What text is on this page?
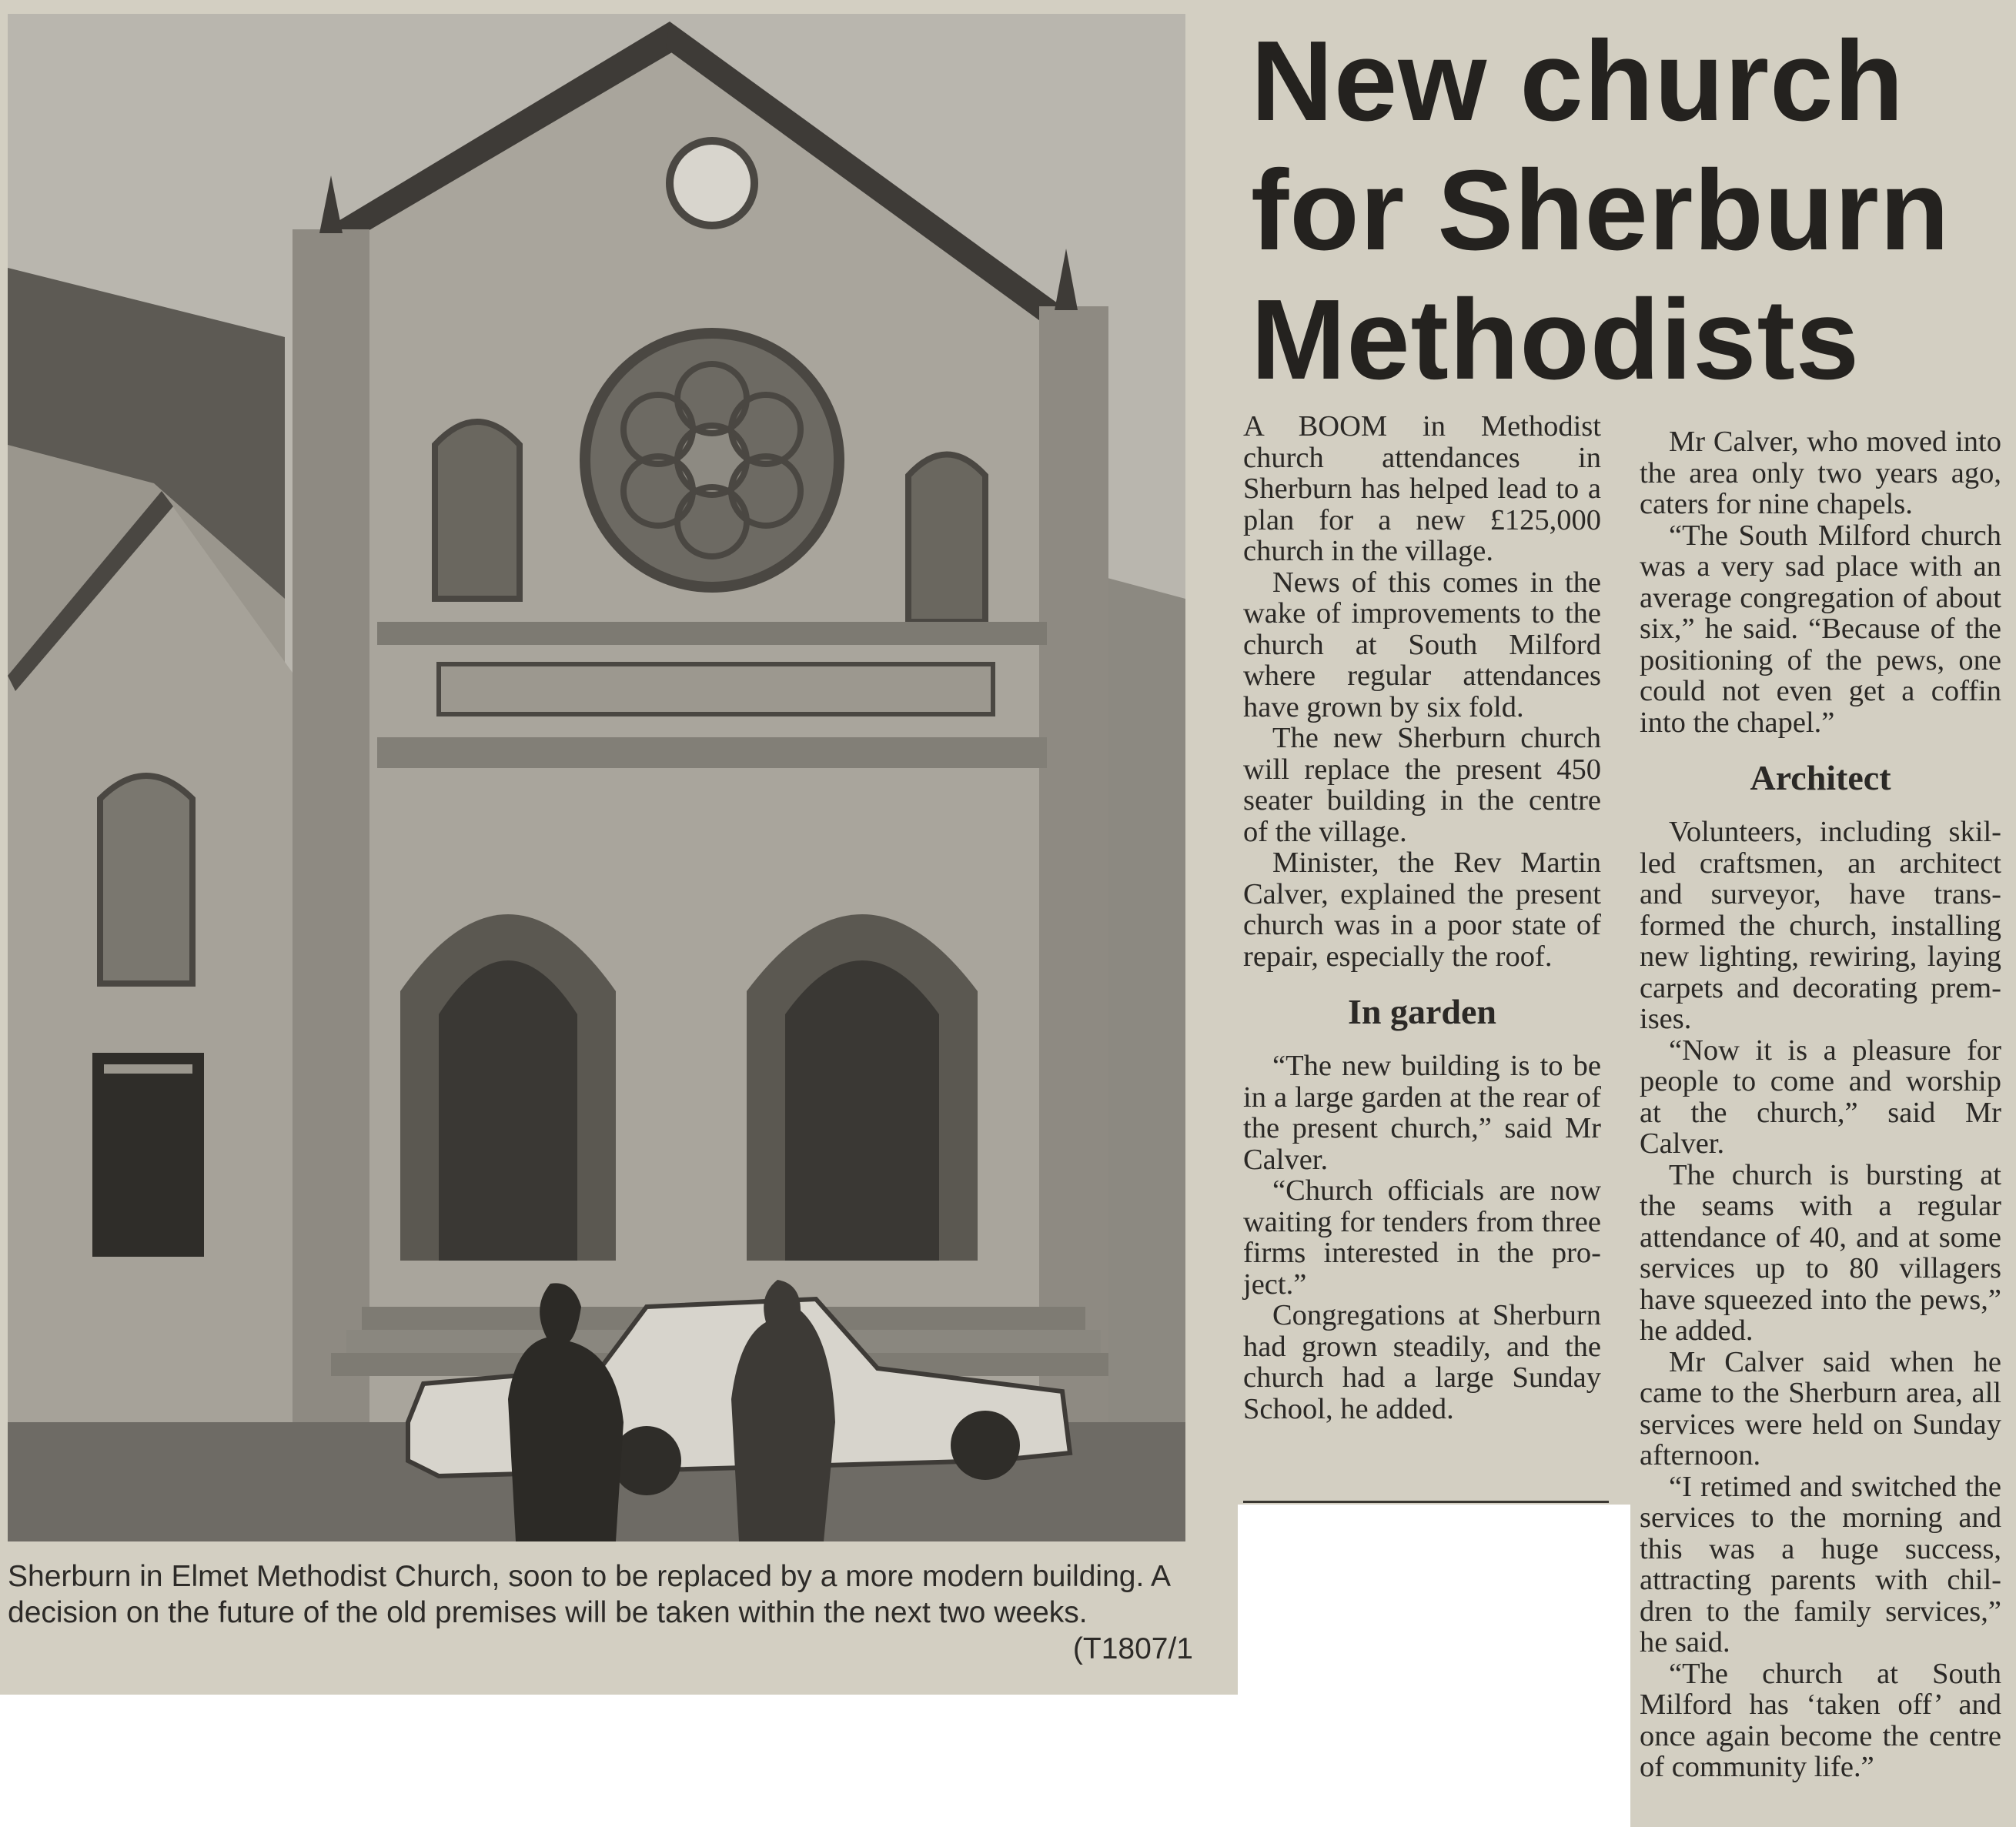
Sherburn in Elmet Methodist Church, soon to be replaced by a more modern building. A decision on the future of the old premises will be taken within the next two weeks.
(T1807/1
New church
for Sherburn
Methodists

A BOOM in Methodist church attendances in Sherburn has helped lead to a plan for a new £125,000 church in the village.

News of this comes in the wake of improvements to the church at South Milford where regular attendances have grown by six fold.

The new Sherburn church will replace the present 450 seater building in the centre of the village.

Minister, the Rev Martin Calver, explained the present church was in a poor state of repair, especially the roof.

In garden

“The new building is to be in a large garden at the rear of the present church,” said Mr Calver.

“Church officials are now waiting for tenders from three firms interested in the project.”

Congregations at Sherburn had grown steadily, and the church had a large Sunday School, he added.

Mr Calver, who moved into the area only two years ago, caters for nine chapels.

“The South Milford church was a very sad place with an average congregation of about six,” he said. “Because of the positioning of the pews, one could not even get a coffin into the chapel.”

Architect

Volunteers, including skilled craftsmen, an architect and surveyor, have transformed the church, installing new lighting, rewiring, laying carpets and decorating premises.

“Now it is a pleasure for people to come and worship at the church,” said Mr Calver.

The church is bursting at the seams with a regular attendance of 40, and at some services up to 80 villagers have squeezed into the pews,” he added.

Mr Calver said when he came to the Sherburn area, all services were held on Sunday afternoon.

“I retimed and switched the services to the morning and this was a huge success, attracting parents with children to the family services,” he said.

“The church at South Milford has ‘taken off’ and once again become the centre of community life.”
